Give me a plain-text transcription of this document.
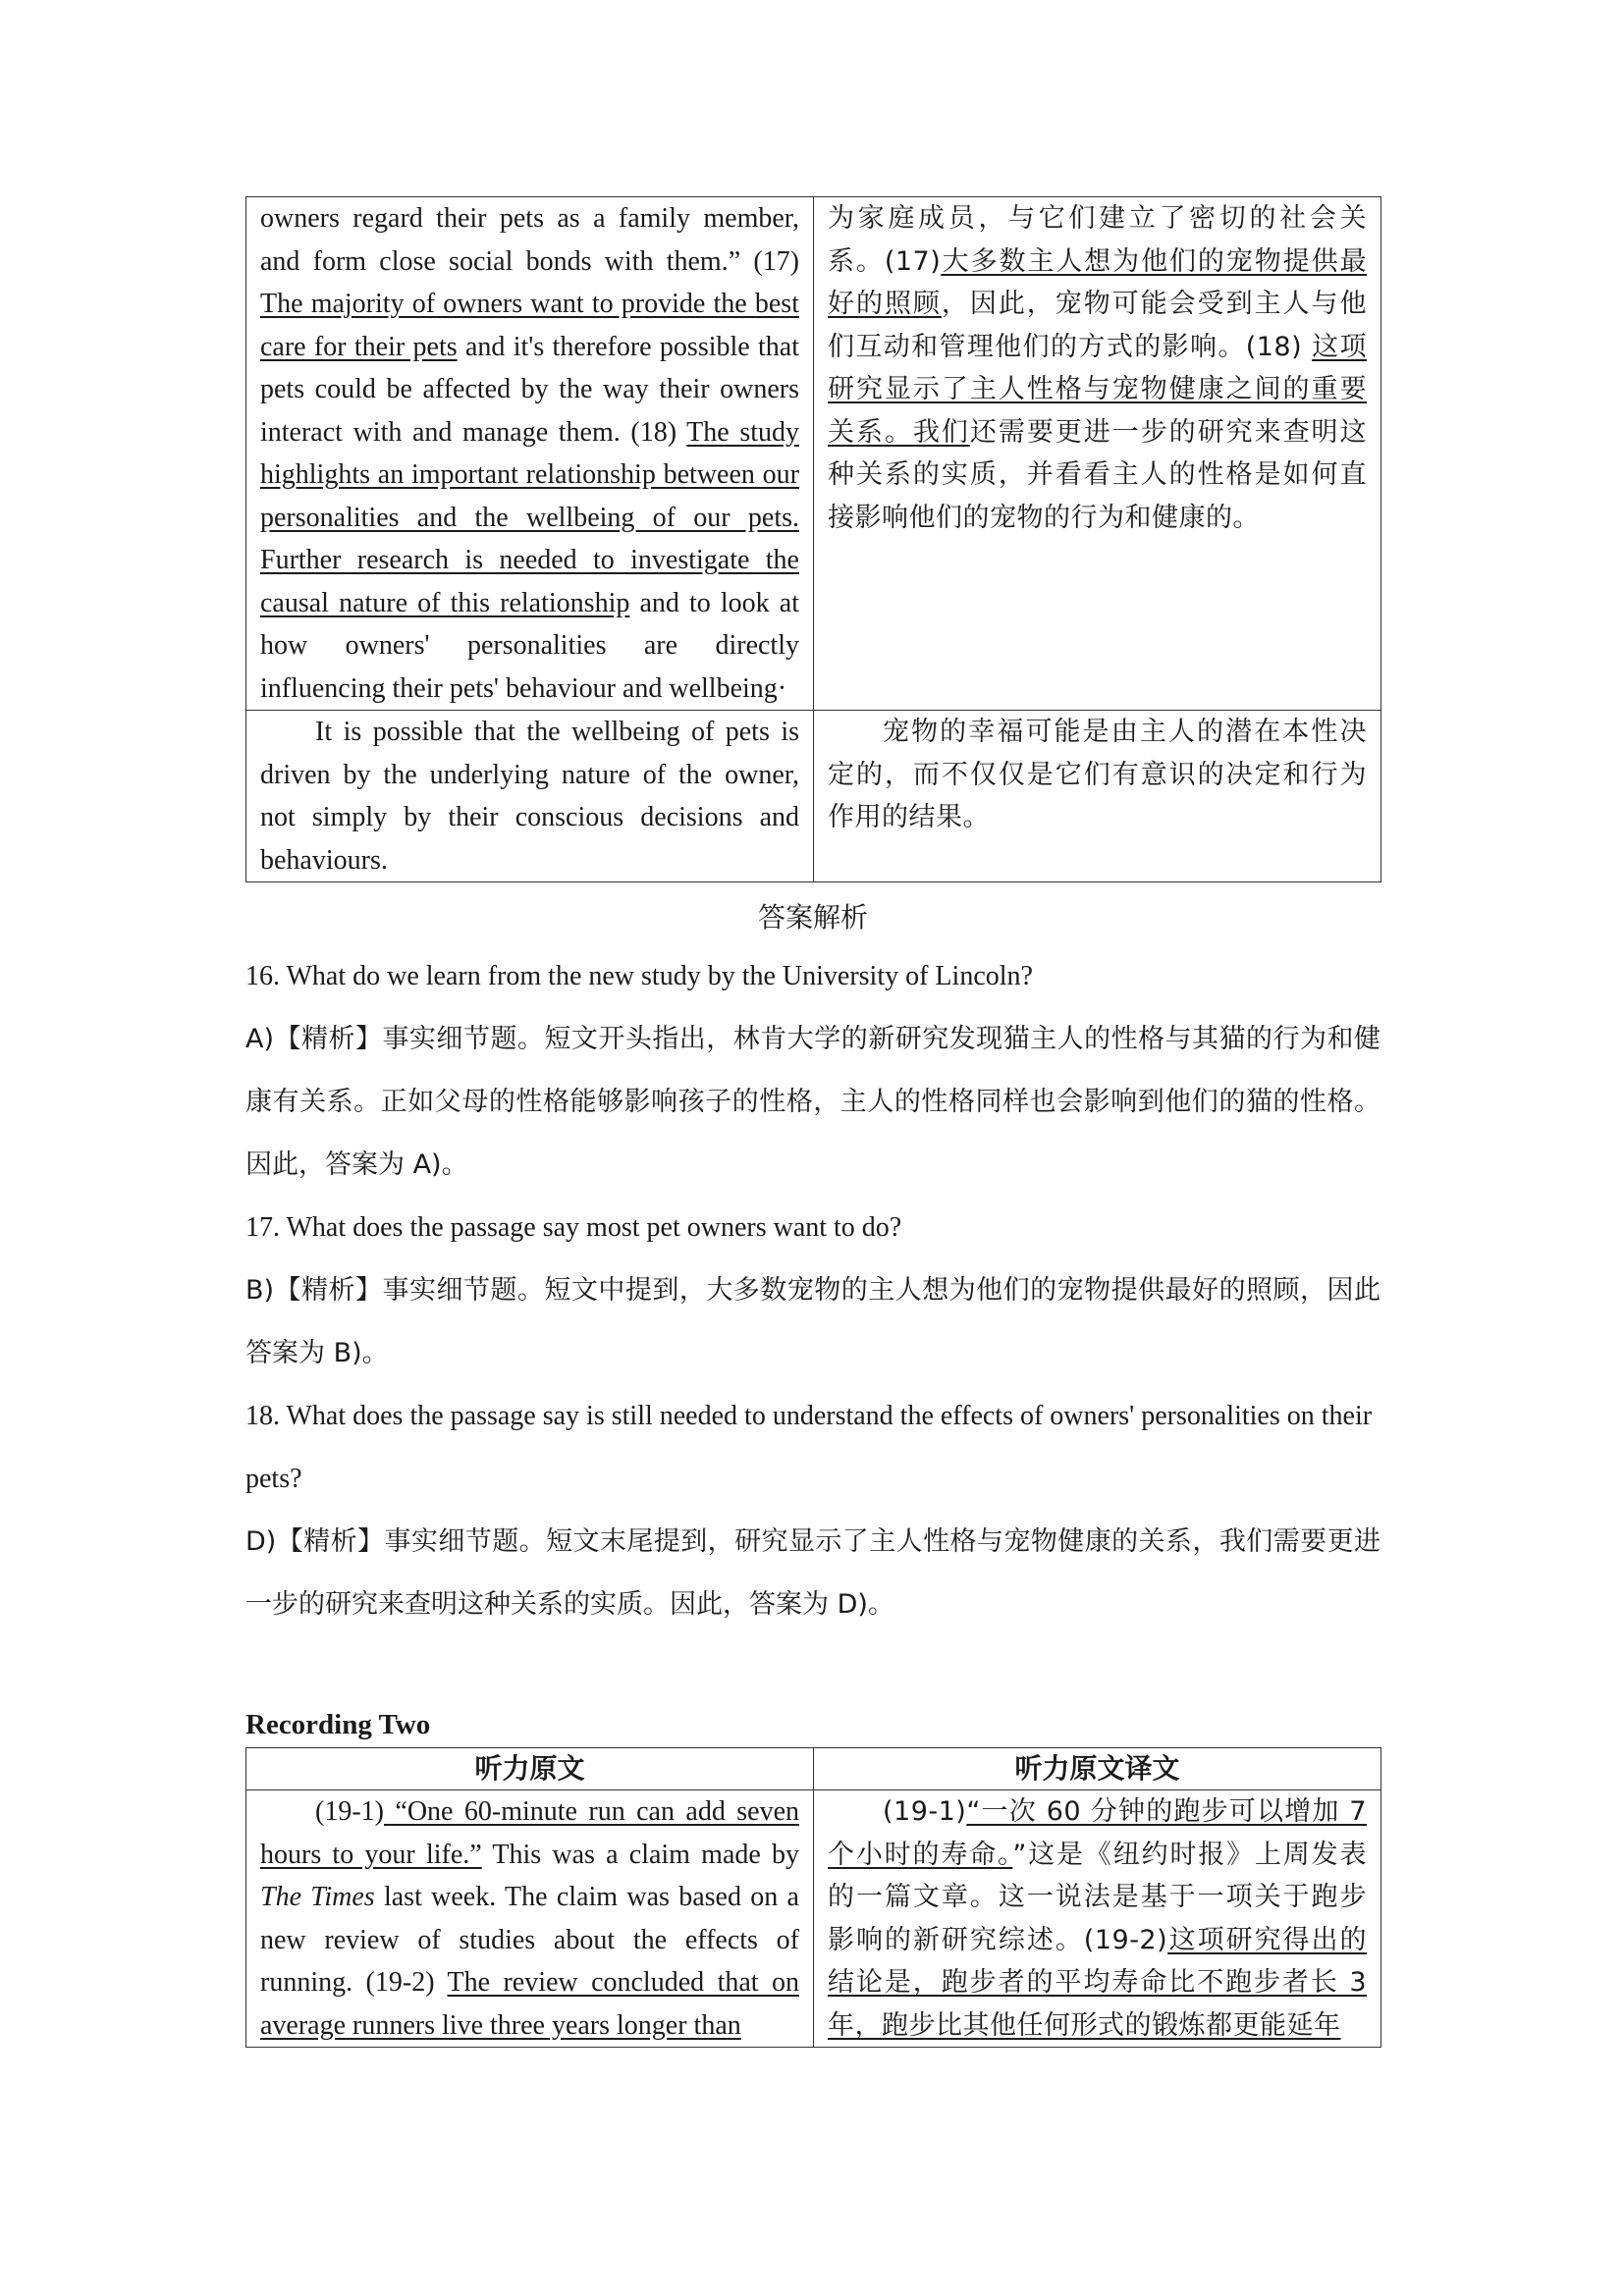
owners regard their pets as a family member, and form close social bonds with them.” (17) The majority of owners want to provide the best care for their pets and it's therefore possible that pets could be affected by the way their owners interact with and manage them. (18) The study highlights an important relationship between our personalities and the wellbeing of our pets. Further research is needed to investigate the causal nature of this relationship and to look at how owners' personalities are directly influencing their pets' behaviour and wellbeing·	为家庭成员，与它们建立了密切的社会关系。(17)大多数主人想为他们的宠物提供最好的照顾，因此，宠物可能会受到主人与他们互动和管理他们的方式的影响。(18) 这项研究显示了主人性格与宠物健康之间的重要关系。我们还需要更进一步的研究来查明这种关系的实质，并看看主人的性格是如何直接影响他们的宠物的行为和健康的。

It is possible that the wellbeing of pets is driven by the underlying nature of the owner, not simply by their conscious decisions and behaviours.	宠物的幸福可能是由主人的潜在本性决定的，而不仅仅是它们有意识的决定和行为作用的结果。

答案解析

16. What do we learn from the new study by the University of Lincoln?

A)【精析】事实细节题。短文开头指出，林肯大学的新研究发现猫主人的性格与其猫的行为和健康有关系。正如父母的性格能够影响孩子的性格，主人的性格同样也会影响到他们的猫的性格。因此，答案为 A)。

17. What does the passage say most pet owners want to do?

B)【精析】事实细节题。短文中提到，大多数宠物的主人想为他们的宠物提供最好的照顾，因此答案为 B)。

18. What does the passage say is still needed to understand the effects of owners' personalities on their pets?

D)【精析】事实细节题。短文末尾提到，研究显示了主人性格与宠物健康的关系，我们需要更进一步的研究来查明这种关系的实质。因此，答案为 D)。

Recording Two
听力原文	听力原文译文

(19-1) “One 60-minute run can add seven hours to your life.” This was a claim made by The Times last week. The claim was based on a new review of studies about the effects of running. (19-2) The review concluded that on average runners live three years longer than	(19-1)“一次 60 分钟的跑步可以增加 7 个小时的寿命。”这是《纽约时报》上周发表的一篇文章。这一说法是基于一项关于跑步影响的新研究综述。(19-2)这项研究得出的结论是，跑步者的平均寿命比不跑步者长 3 年，跑步比其他任何形式的锻炼都更能延年
